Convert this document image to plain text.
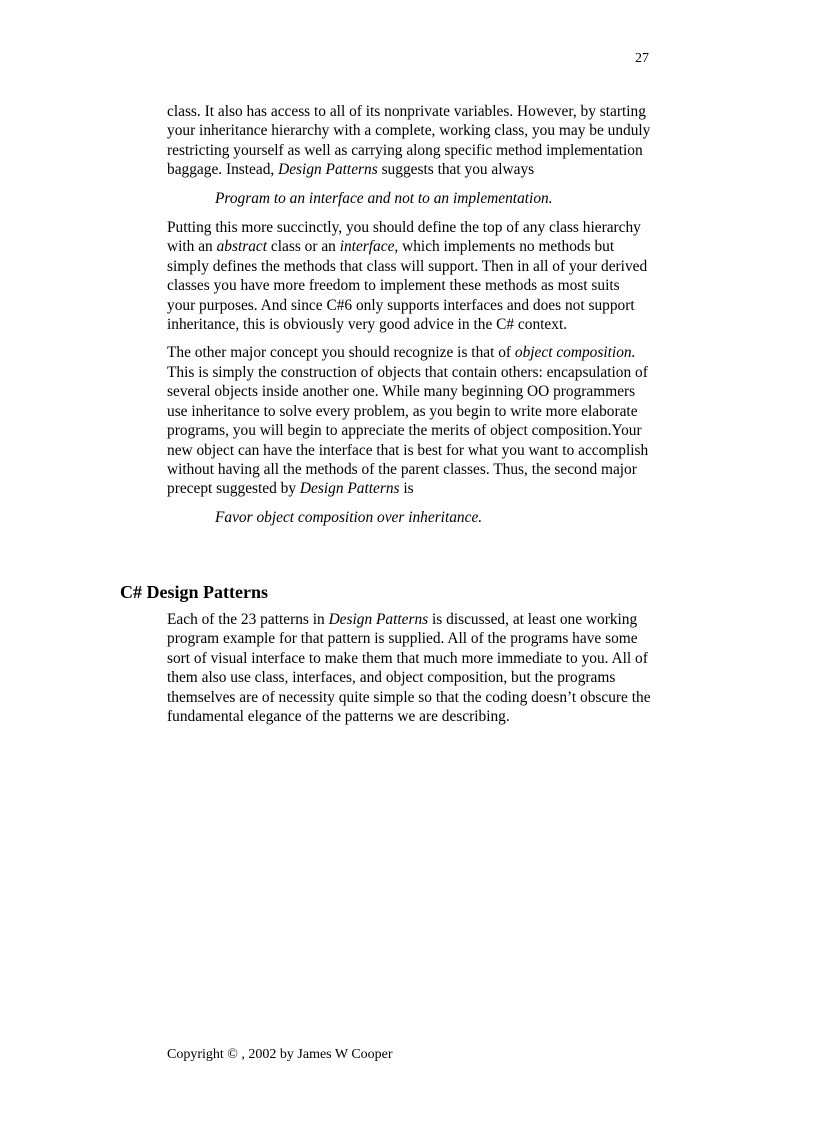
27

class. It also has access to all of its nonprivate variables. However, by starting your inheritance hierarchy with a complete, working class, you may be unduly restricting yourself as well as carrying along specific method implementation baggage. Instead, Design Patterns suggests that you always

Program to an interface and not to an implementation.

Putting this more succinctly, you should define the top of any class hierarchy with an abstract class or an interface, which implements no methods but simply defines the methods that class will support. Then in all of your derived classes you have more freedom to implement these methods as most suits your purposes. And since C#6 only supports interfaces and does not support inheritance, this is obviously very good advice in the C# context.

The other major concept you should recognize is that of object composition. This is simply the construction of objects that contain others: encapsulation of several objects inside another one. While many beginning OO programmers use inheritance to solve every problem, as you begin to write more elaborate programs, you will begin to appreciate the merits of object composition.Your new object can have the interface that is best for what you want to accomplish without having all the methods of the parent classes. Thus, the second major precept suggested by Design Patterns is

Favor object composition over inheritance.

C# Design Patterns

Each of the 23 patterns in Design Patterns is discussed, at least one working program example for that pattern is supplied. All of the programs have some sort of visual interface to make them that much more immediate to you. All of them also use class, interfaces, and object composition, but the programs themselves are of necessity quite simple so that the coding doesn’t obscure the fundamental elegance of the patterns we are describing.

Copyright © , 2002 by James W Cooper
